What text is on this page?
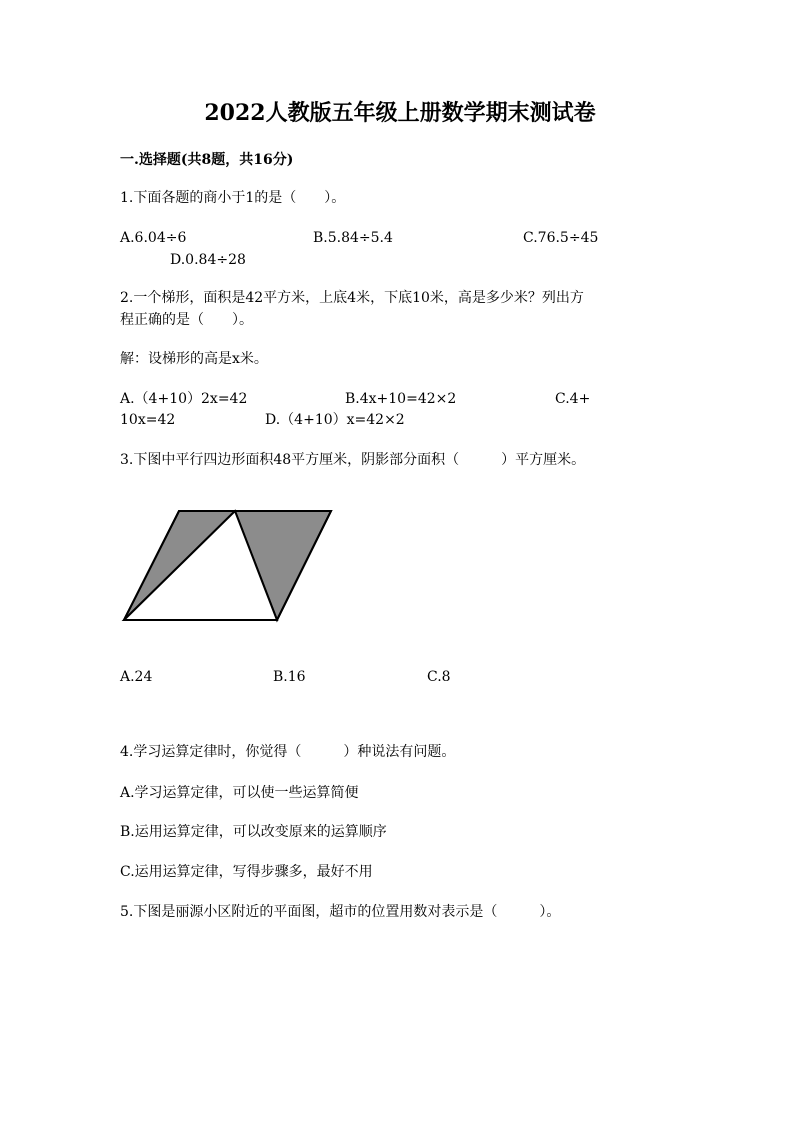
2022人教版五年级上册数学期末测试卷
一.选择题(共8题，共16分)
1.下面各题的商小于1的是（　　）。
A.6.04÷6	B.5.84÷5.4	C.76.5÷45
D.0.84÷28
2.一个梯形，面积是42平方米，上底4米，下底10米，高是多少米？列出方
程正确的是（　　）。
解：设梯形的高是x米。
A.（4+10）2x=42	B.4x+10=42×2	C.4+
10x=42	D.（4+10）x=42×2
3.下图中平行四边形面积48平方厘米，阴影部分面积（　　　）平方厘米。
A.24	B.16	C.8
4.学习运算定律时，你觉得（　　　）种说法有问题。
A.学习运算定律，可以使一些运算简便
B.运用运算定律，可以改变原来的运算顺序
C.运用运算定律，写得步骤多，最好不用
5.下图是丽源小区附近的平面图，超市的位置用数对表示是（　　　）。
